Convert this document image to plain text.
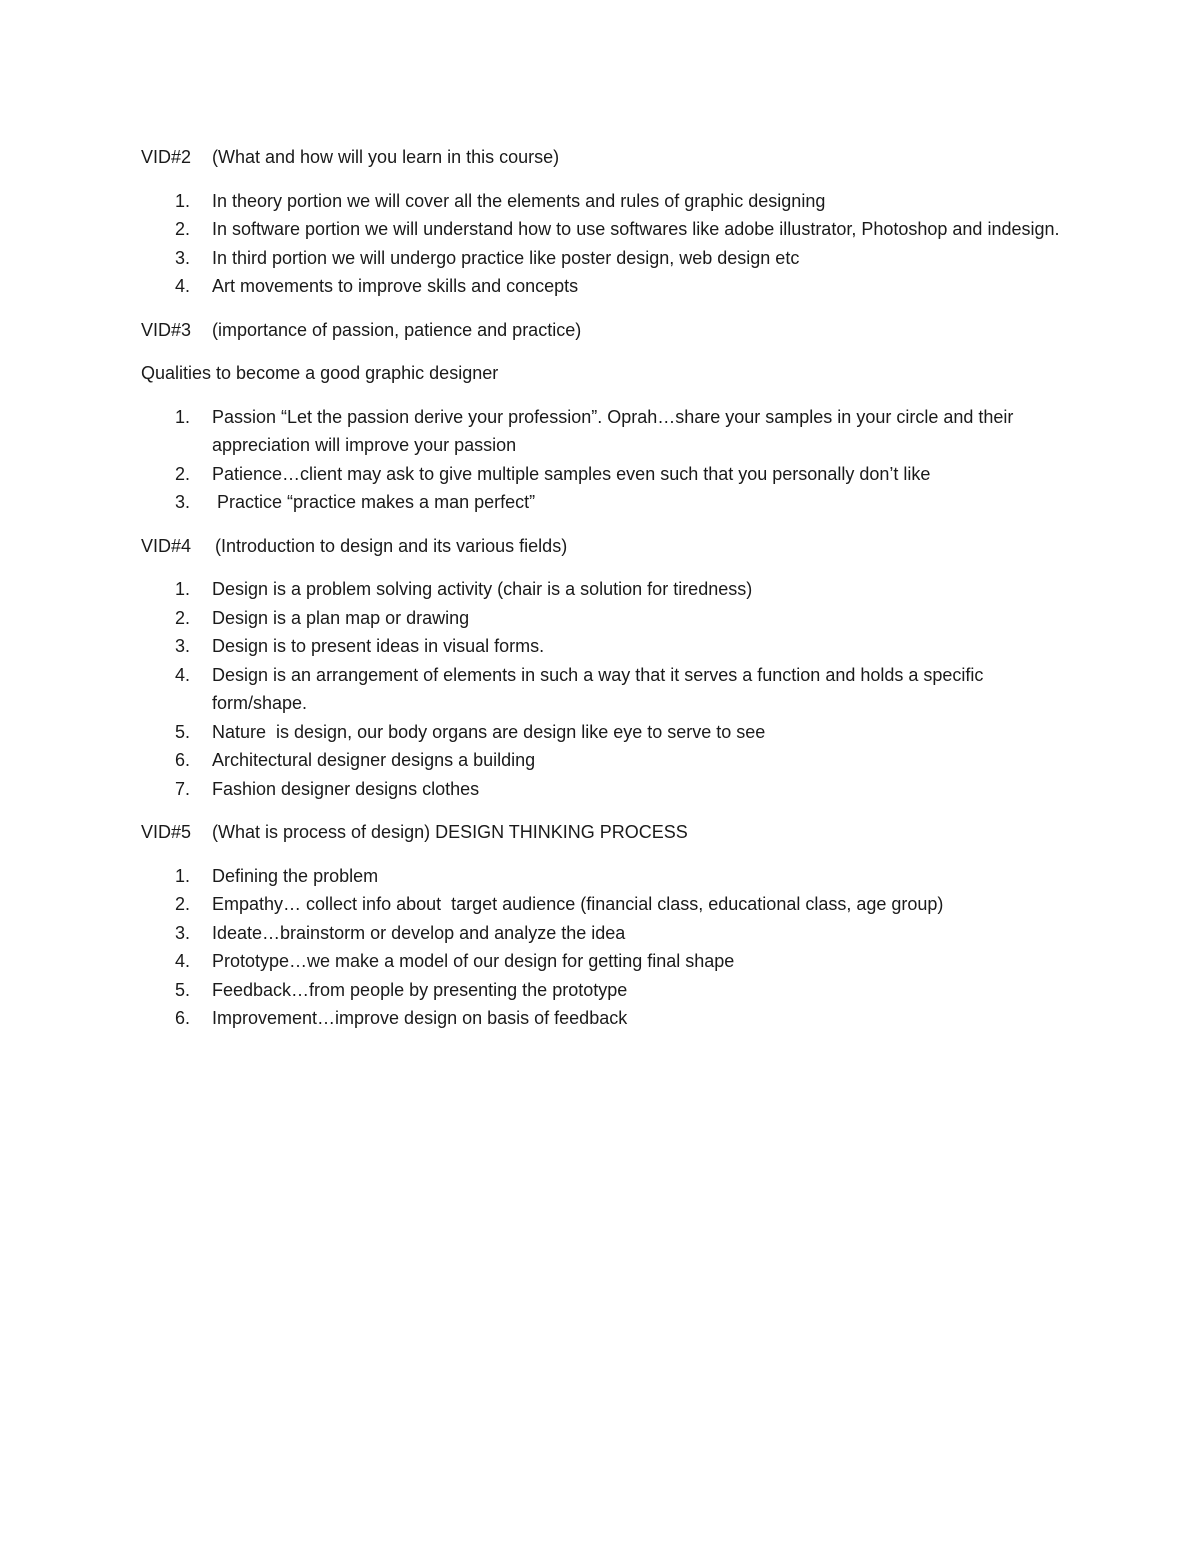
VID#2	(What and how will you learn in this course)
1.	In theory portion we will cover all the elements and rules of graphic designing
2.	In software portion we will understand how to use softwares like adobe illustrator, Photoshop and indesign.
3.	In third portion we will undergo practice like poster design, web design etc
4.	Art movements to improve skills and concepts
VID#3	(importance of passion, patience and practice)
Qualities to become a good graphic designer
1.	Passion “Let the passion derive your profession”. Oprah…share your samples in your circle and their appreciation will improve your passion
2.	Patience…client may ask to give multiple samples even such that you personally don’t like
3.	Practice “practice makes a man perfect”
VID#4	(Introduction to design and its various fields)
1.	Design is a problem solving activity (chair is a solution for tiredness)
2.	Design is a plan map or drawing
3.	Design is to present ideas in visual forms.
4.	Design is an arrangement of elements in such a way that it serves a function and holds a specific form/shape.
5.	Nature  is design, our body organs are design like eye to serve to see
6.	Architectural designer designs a building
7.	Fashion designer designs clothes
VID#5	(What is process of design) DESIGN THINKING PROCESS
1.	Defining the problem
2.	Empathy… collect info about  target audience (financial class, educational class, age group)
3.	Ideate…brainstorm or develop and analyze the idea
4.	Prototype…we make a model of our design for getting final shape
5.	Feedback…from people by presenting the prototype
6.	Improvement…improve design on basis of feedback
